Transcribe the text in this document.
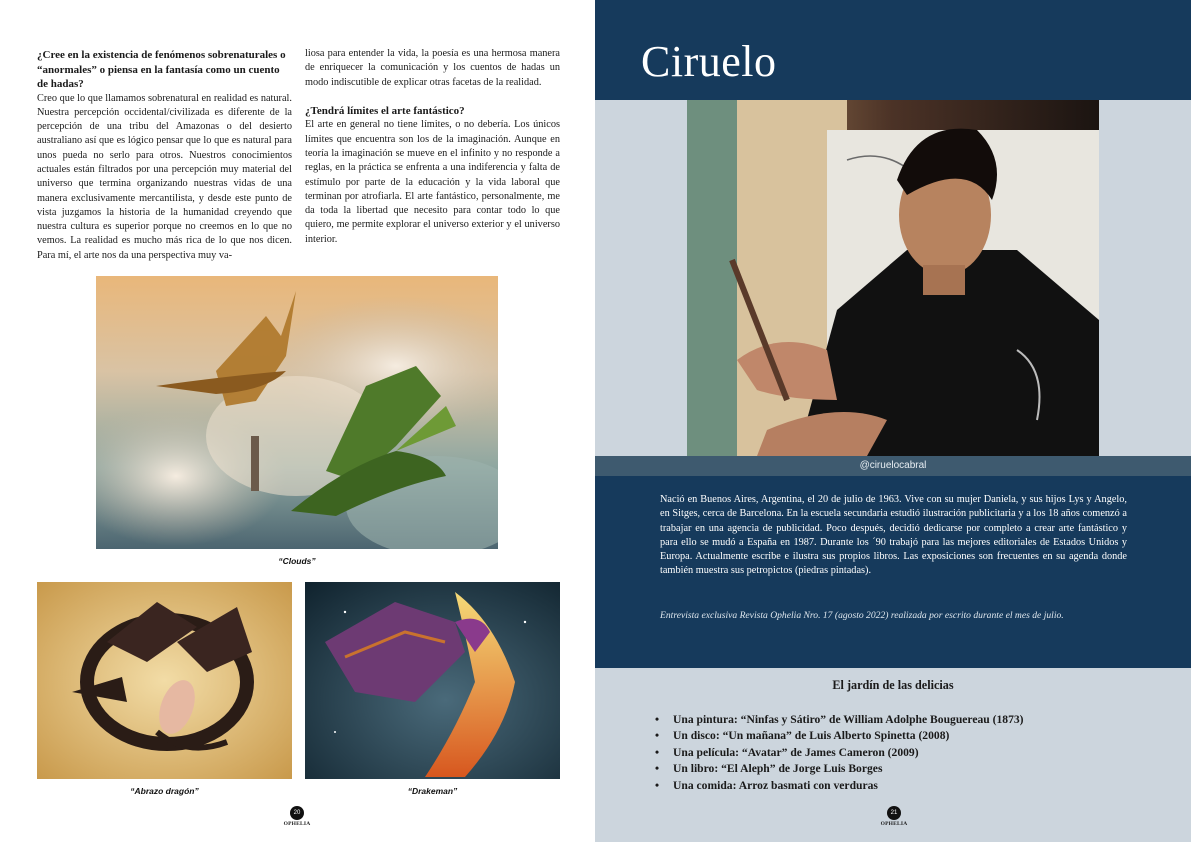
¿Cree en la existencia de fenómenos sobrenaturales o “anormales” o piensa en la fantasía como un cuento de hadas?

Creo que lo que llamamos sobrenatural en realidad es natural. Nuestra percepción occidental/civilizada es diferente de la percepción de una tribu del Amazonas o del desierto australiano así que es lógico pensar que lo que es natural para unos pueda no serlo para otros. Nuestros conocimientos actuales están filtrados por una percepción muy material del universo que termina organizando nuestras vidas de una manera exclusivamente mercantilista, y desde este punto de vista juzgamos la historia de la humanidad creyendo que nuestra cultura es superior porque no creemos en lo que no vemos. La realidad es mucho más rica de lo que nos dicen. Para mí, el arte nos da una perspectiva muy va-

liosa para entender la vida, la poesía es una hermosa manera de enriquecer la comunicación y los cuentos de hadas un modo indiscutible de explicar otras facetas de la realidad.

¿Tendrá límites el arte fantástico?

El arte en general no tiene límites, o no debería. Los únicos límites que encuentra son los de la imaginación. Aunque en teoría la imaginación se mueve en el infinito y no responde a reglas, en la práctica se enfrenta a una indiferencia y falta de estímulo por parte de la educación y la vida laboral que terminan por atrofiarla. El arte fantástico, personalmente, me da toda la libertad que necesito para contar todo lo que quiero, me permite explorar el universo exterior y el universo interior.

“Clouds”
“Abrazo dragón”	“Drakeman”
20
OPHELIA
Ciruelo
@ciruelocabral

Nació en Buenos Aires, Argentina, el 20 de julio de 1963. Vive con su mujer Daniela, y sus hijos Lys y Angelo, en Sitges, cerca de Barcelona. En la escuela secundaria estudió ilustración publicitaria y a los 18 años comenzó a trabajar en una agencia de publicidad. Poco después, decidió dedicarse por completo a crear arte fantástico y para ello se mudó a España en 1987. Durante los ´90 trabajó para las mejores editoriales de Estados Unidos y Europa. Actualmente escribe e ilustra sus propios libros. Las exposiciones son frecuentes en su agenda donde también muestra sus petropictos (piedras pintadas).

Entrevista exclusiva Revista Ophelia Nro. 17 (agosto 2022) realizada por escrito durante el mes de julio.

El jardín de las delicias
• Una pintura: “Ninfas y Sátiro” de William Adolphe Bouguereau (1873)
• Un disco: “Un mañana” de Luis Alberto Spinetta (2008)
• Una película: “Avatar” de James Cameron (2009)
• Un libro: “El Aleph” de Jorge Luis Borges
• Una comida: Arroz basmati con verduras
21
OPHELIA
